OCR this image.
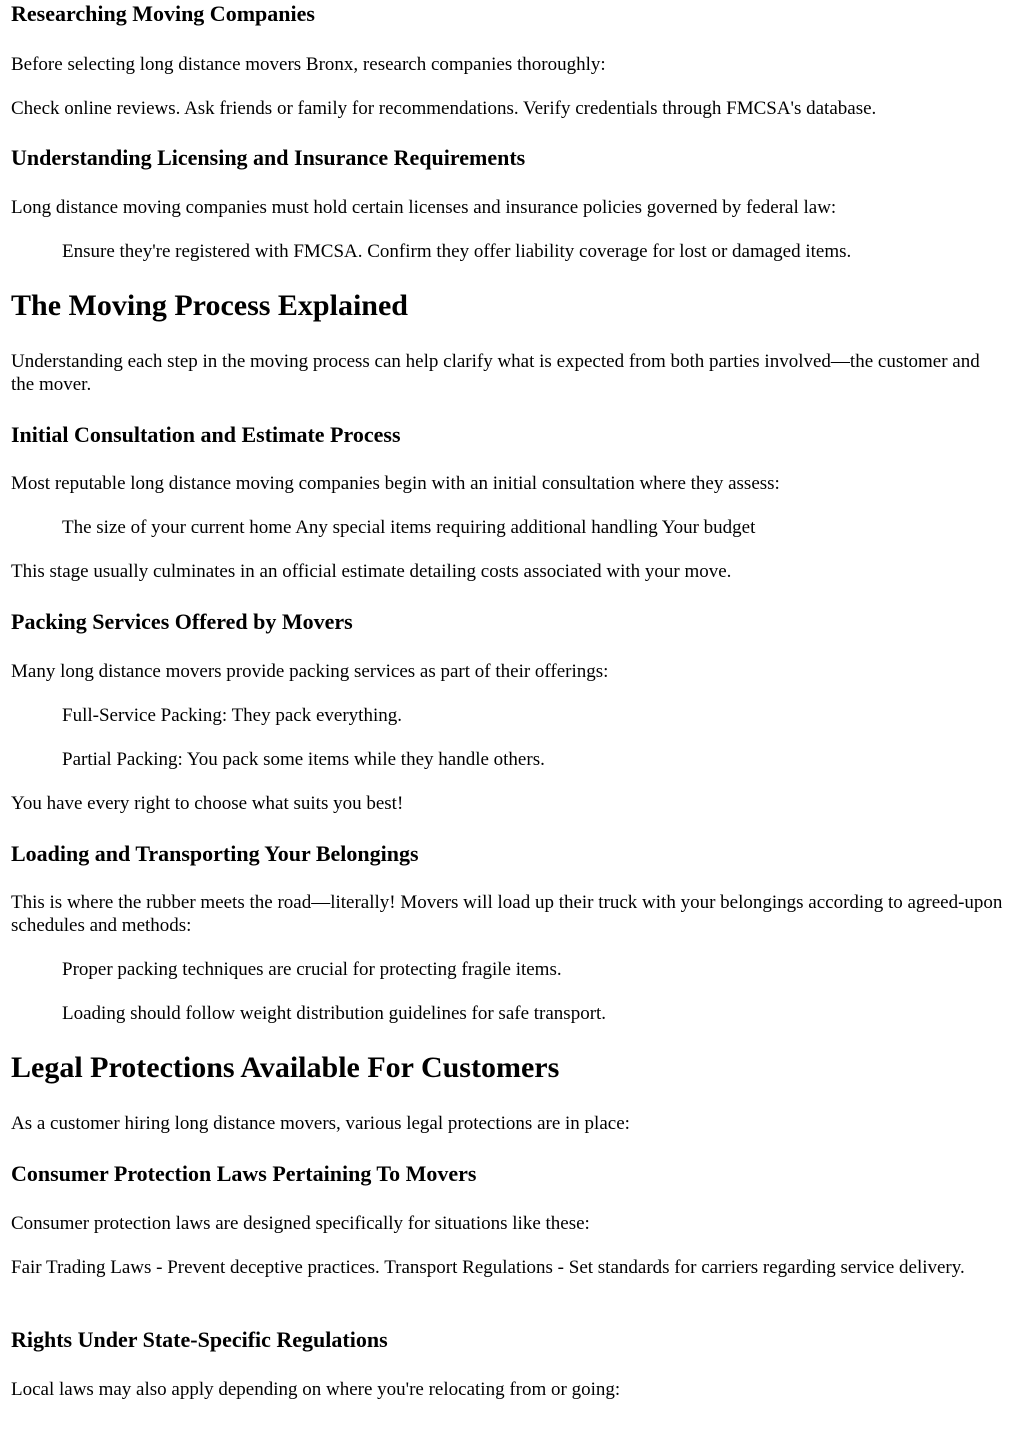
Researching Moving Companies

Before selecting long distance movers Bronx, research companies thoroughly:

Check online reviews. Ask friends or family for recommendations. Verify credentials through FMCSA's database.

Understanding Licensing and Insurance Requirements

Long distance moving companies must hold certain licenses and insurance policies governed by federal law:

Ensure they're registered with FMCSA. Confirm they offer liability coverage for lost or damaged items.

The Moving Process Explained

Understanding each step in the moving process can help clarify what is expected from both parties involved—the customer and the mover.

Initial Consultation and Estimate Process

Most reputable long distance moving companies begin with an initial consultation where they assess:

The size of your current home Any special items requiring additional handling Your budget

This stage usually culminates in an official estimate detailing costs associated with your move.

Packing Services Offered by Movers

Many long distance movers provide packing services as part of their offerings:

Full-Service Packing: They pack everything.

Partial Packing: You pack some items while they handle others.

You have every right to choose what suits you best!

Loading and Transporting Your Belongings

This is where the rubber meets the road—literally! Movers will load up their truck with your belongings according to agreed-upon schedules and methods:

Proper packing techniques are crucial for protecting fragile items.

Loading should follow weight distribution guidelines for safe transport.

Legal Protections Available For Customers

As a customer hiring long distance movers, various legal protections are in place:

Consumer Protection Laws Pertaining To Movers

Consumer protection laws are designed specifically for situations like these:

Fair Trading Laws - Prevent deceptive practices. Transport Regulations - Set standards for carriers regarding service delivery.

Rights Under State-Specific Regulations

Local laws may also apply depending on where you're relocating from or going:
